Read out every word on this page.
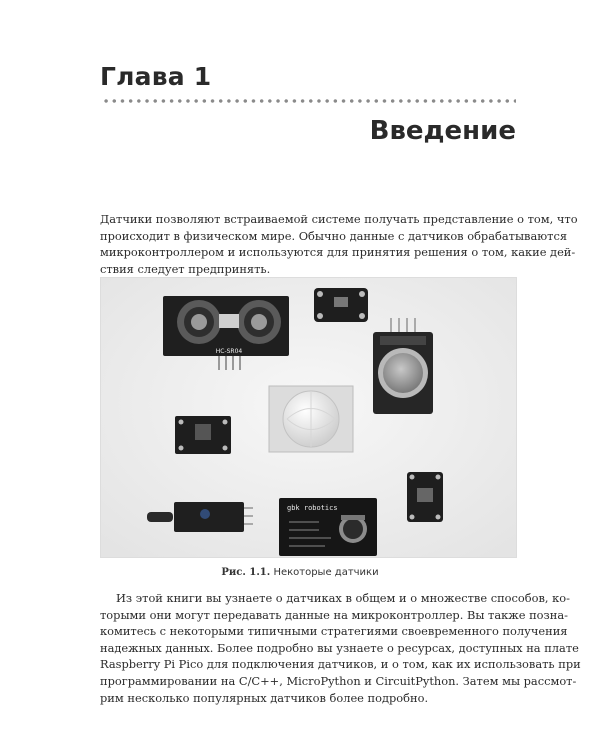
Глава 1
Введение
Датчики позволяют встраиваемой системе получать представление о том, что
происходит в физическом мире. Обычно данные с датчиков обрабатываются
микроконтроллером и используются для принятия решения о том, какие дей-
ствия следует предпринять.
HC-SR04
gbk robotics
Рис. 1.1. Некоторые датчики
Из этой книги вы узнаете о датчиках в общем и о множестве способов, ко-
торыми они могут передавать данные на микроконтроллер. Вы также позна-
комитесь с некоторыми типичными стратегиями своевременного получения
надежных данных. Более подробно вы узнаете о ресурсах, доступных на плате
Raspberry Pi Pico для подключения датчиков, и о том, как их использовать при
программировании на C/C++, MicroPython и CircuitPython. Затем мы рассмот-
рим несколько популярных датчиков более подробно.
